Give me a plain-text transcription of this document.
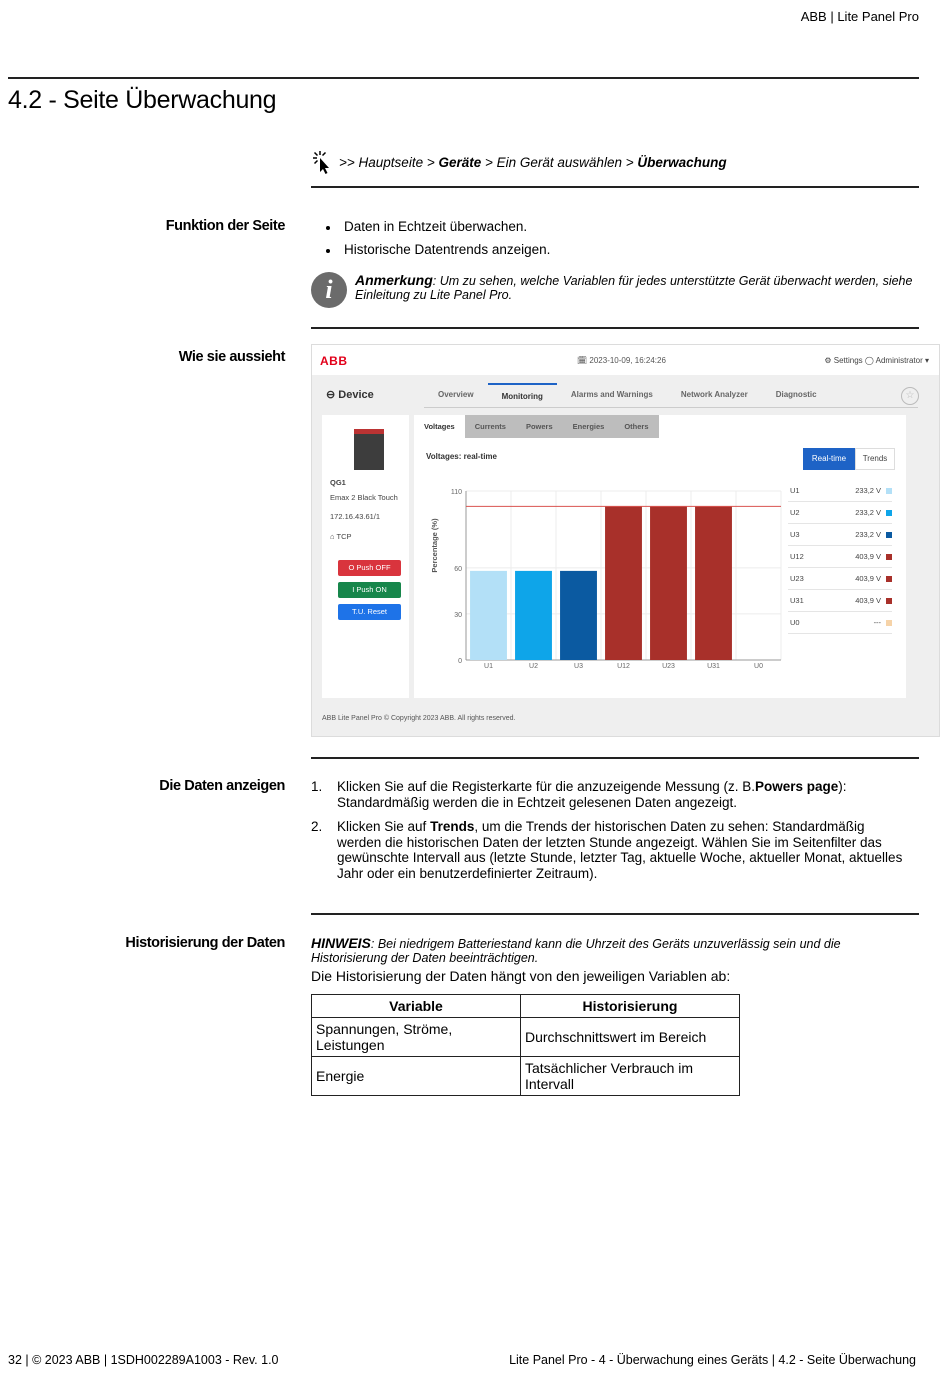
ABB | Lite Panel Pro
4.2 - Seite Überwachung
>> Hauptseite > Geräte > Ein Gerät auswählen > Überwachung
Funktion der Seite	Daten in Echtzeit überwachen.
Historische Datentrends anzeigen.
i	Anmerkung: Um zu sehen, welche Variablen für jedes unterstützte Gerät überwacht werden, siehe Einleitung zu Lite Panel Pro.
Wie sie aussieht	ABB	🗓 2023-10-09, 16:24:26	⚙ Settings ◯ Administrator ▾
⊖ Device	Overview	Monitoring	Alarms and Warnings	Network Analyzer	Diagnostic	☆
QG1
Emax 2 Black Touch
172.16.43.61/1
⌂ TCP
O Push OFF
I Push ON
T.U. Reset
Voltages	Currents	Powers	Energies	Others
Voltages: real-time	Real-time	Trends
0
30
60
110
Percentage (%)
U1	U2	U3	U12	U23	U31	U0
U1	233,2 V
U2	233,2 V
U3	233,2 V
U12	403,9 V
U23	403,9 V
U31	403,9 V
U0	---
ABB Lite Panel Pro © Copyright 2023 ABB. All rights reserved.
Die Daten anzeigen 1. Klicken Sie auf die Registerkarte für die anzuzeigende Messung (z. B.Powers page): Standardmäßig werden die in Echtzeit gelesenen Daten angezeigt.
2. Klicken Sie auf Trends, um die Trends der historischen Daten zu sehen: Standardmäßig werden die historischen Daten der letzten Stunde angezeigt. Wählen Sie im Seitenfilter das gewünschte Intervall aus (letzte Stunde, letzter Tag, aktuelle Woche, aktueller Monat, aktuelles Jahr oder ein benutzerdefinierter Zeitraum).
Historisierung der Daten HINWEIS: Bei niedrigem Batteriestand kann die Uhrzeit des Geräts unzuverlässig sein und die Historisierung der Daten beeinträchtigen.
Die Historisierung der Daten hängt von den jeweiligen Variablen ab:
Variable	Historisierung
Spannungen, Ströme, Leistungen	Durchschnittswert im Bereich
Energie	Tatsächlicher Verbrauch im Intervall
32 | © 2023 ABB | 1SDH002289A1003 - Rev. 1.0	Lite Panel Pro - 4 - Überwachung eines Geräts | 4.2 - Seite Überwachung
